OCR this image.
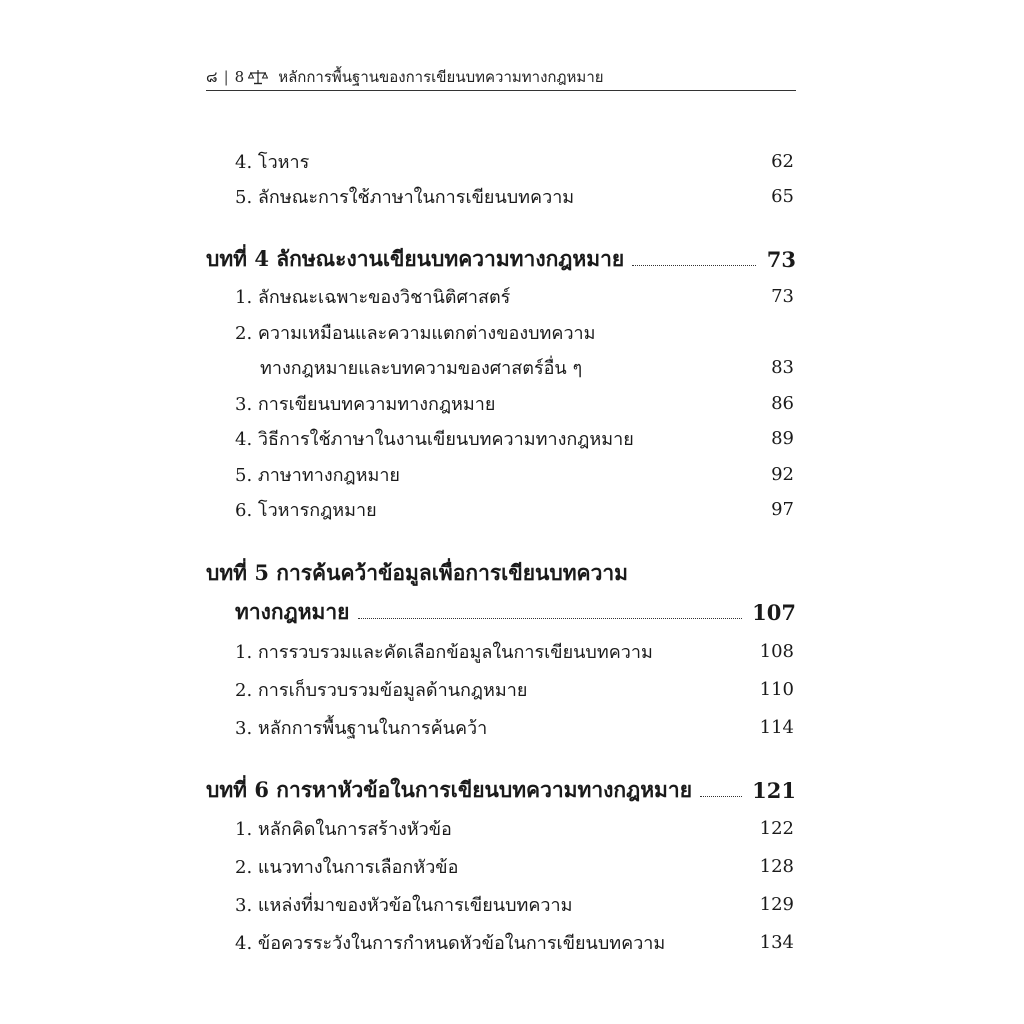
๘ | 8 หลักการพื้นฐานของการเขียนบทความทางกฎหมาย
4. โวหาร	62
5. ลักษณะการใช้ภาษาในการเขียนบทความ	65
บทที่ 4 ลักษณะงานเขียนบทความทางกฎหมาย	73
1. ลักษณะเฉพาะของวิชานิติศาสตร์	73
2. ความเหมือนและความแตกต่างของบทความ
ทางกฎหมายและบทความของศาสตร์อื่น ๆ	83
3. การเขียนบทความทางกฎหมาย	86
4. วิธีการใช้ภาษาในงานเขียนบทความทางกฎหมาย	89
5. ภาษาทางกฎหมาย	92
6. โวหารกฎหมาย	97
บทที่ 5 การค้นคว้าข้อมูลเพื่อการเขียนบทความ
ทางกฎหมาย	107
1. การรวบรวมและคัดเลือกข้อมูลในการเขียนบทความ	108
2. การเก็บรวบรวมข้อมูลด้านกฎหมาย	110
3. หลักการพื้นฐานในการค้นคว้า	114
บทที่ 6 การหาหัวข้อในการเขียนบทความทางกฎหมาย	121
1. หลักคิดในการสร้างหัวข้อ	122
2. แนวทางในการเลือกหัวข้อ	128
3. แหล่งที่มาของหัวข้อในการเขียนบทความ	129
4. ข้อควรระวังในการกำหนดหัวข้อในการเขียนบทความ	134
